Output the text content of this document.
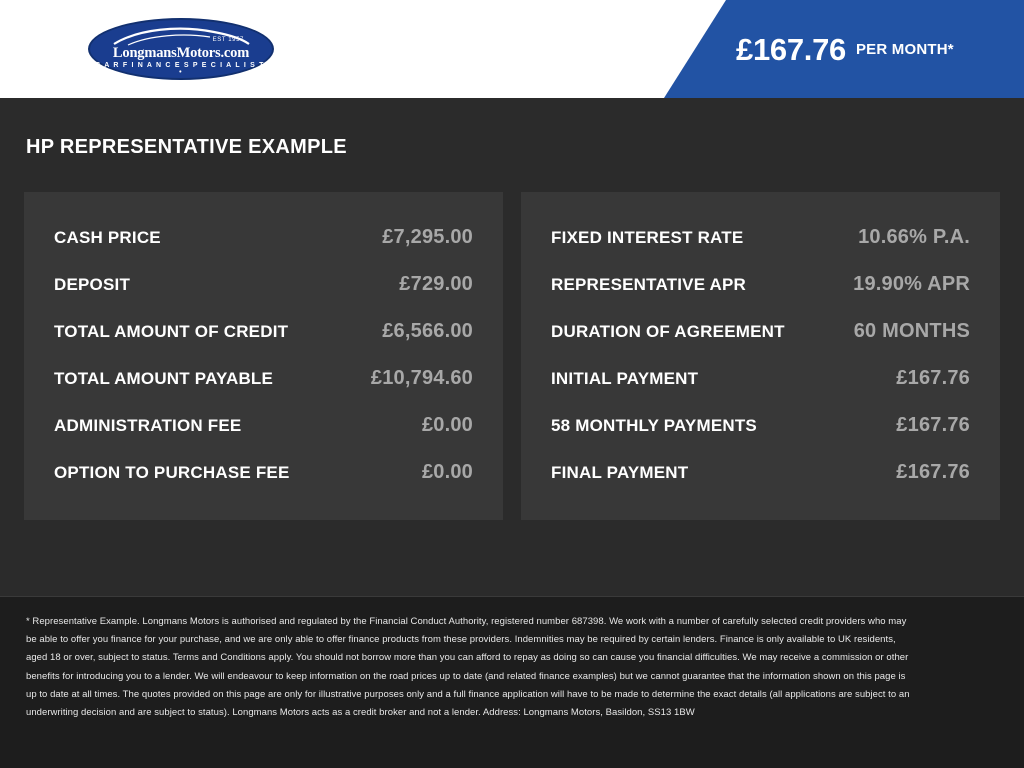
EST 1957
LongmansMotors.com
• C A R F I N A N C E S P E C I A L I S T S •
£167.76 PER MONTH*
HP REPRESENTATIVE EXAMPLE
CASH PRICE	£7,295.00
DEPOSIT	£729.00
TOTAL AMOUNT OF CREDIT	£6,566.00
TOTAL AMOUNT PAYABLE	£10,794.60
ADMINISTRATION FEE	£0.00
OPTION TO PURCHASE FEE	£0.00
FIXED INTEREST RATE	10.66% P.A.
REPRESENTATIVE APR	19.90% APR
DURATION OF AGREEMENT	60 MONTHS
INITIAL PAYMENT	£167.76
58 MONTHLY PAYMENTS	£167.76
FINAL PAYMENT	£167.76

* Representative Example. Longmans Motors is authorised and regulated by the Financial Conduct Authority, registered number 687398. We work with a number of carefully selected credit providers who may be able to offer you finance for your purchase, and we are only able to offer finance products from these providers. Indemnities may be required by certain lenders. Finance is only available to UK residents, aged 18 or over, subject to status. Terms and Conditions apply. You should not borrow more than you can afford to repay as doing so can cause you financial difficulties. We may receive a commission or other benefits for introducing you to a lender. We will endeavour to keep information on the road prices up to date (and related finance examples) but we cannot guarantee that the information shown on this page is up to date at all times. The quotes provided on this page are only for illustrative purposes only and a full finance application will have to be made to determine the exact details (all applications are subject to an underwriting decision and are subject to status). Longmans Motors acts as a credit broker and not a lender. Address: Longmans Motors, Basildon, SS13 1BW
